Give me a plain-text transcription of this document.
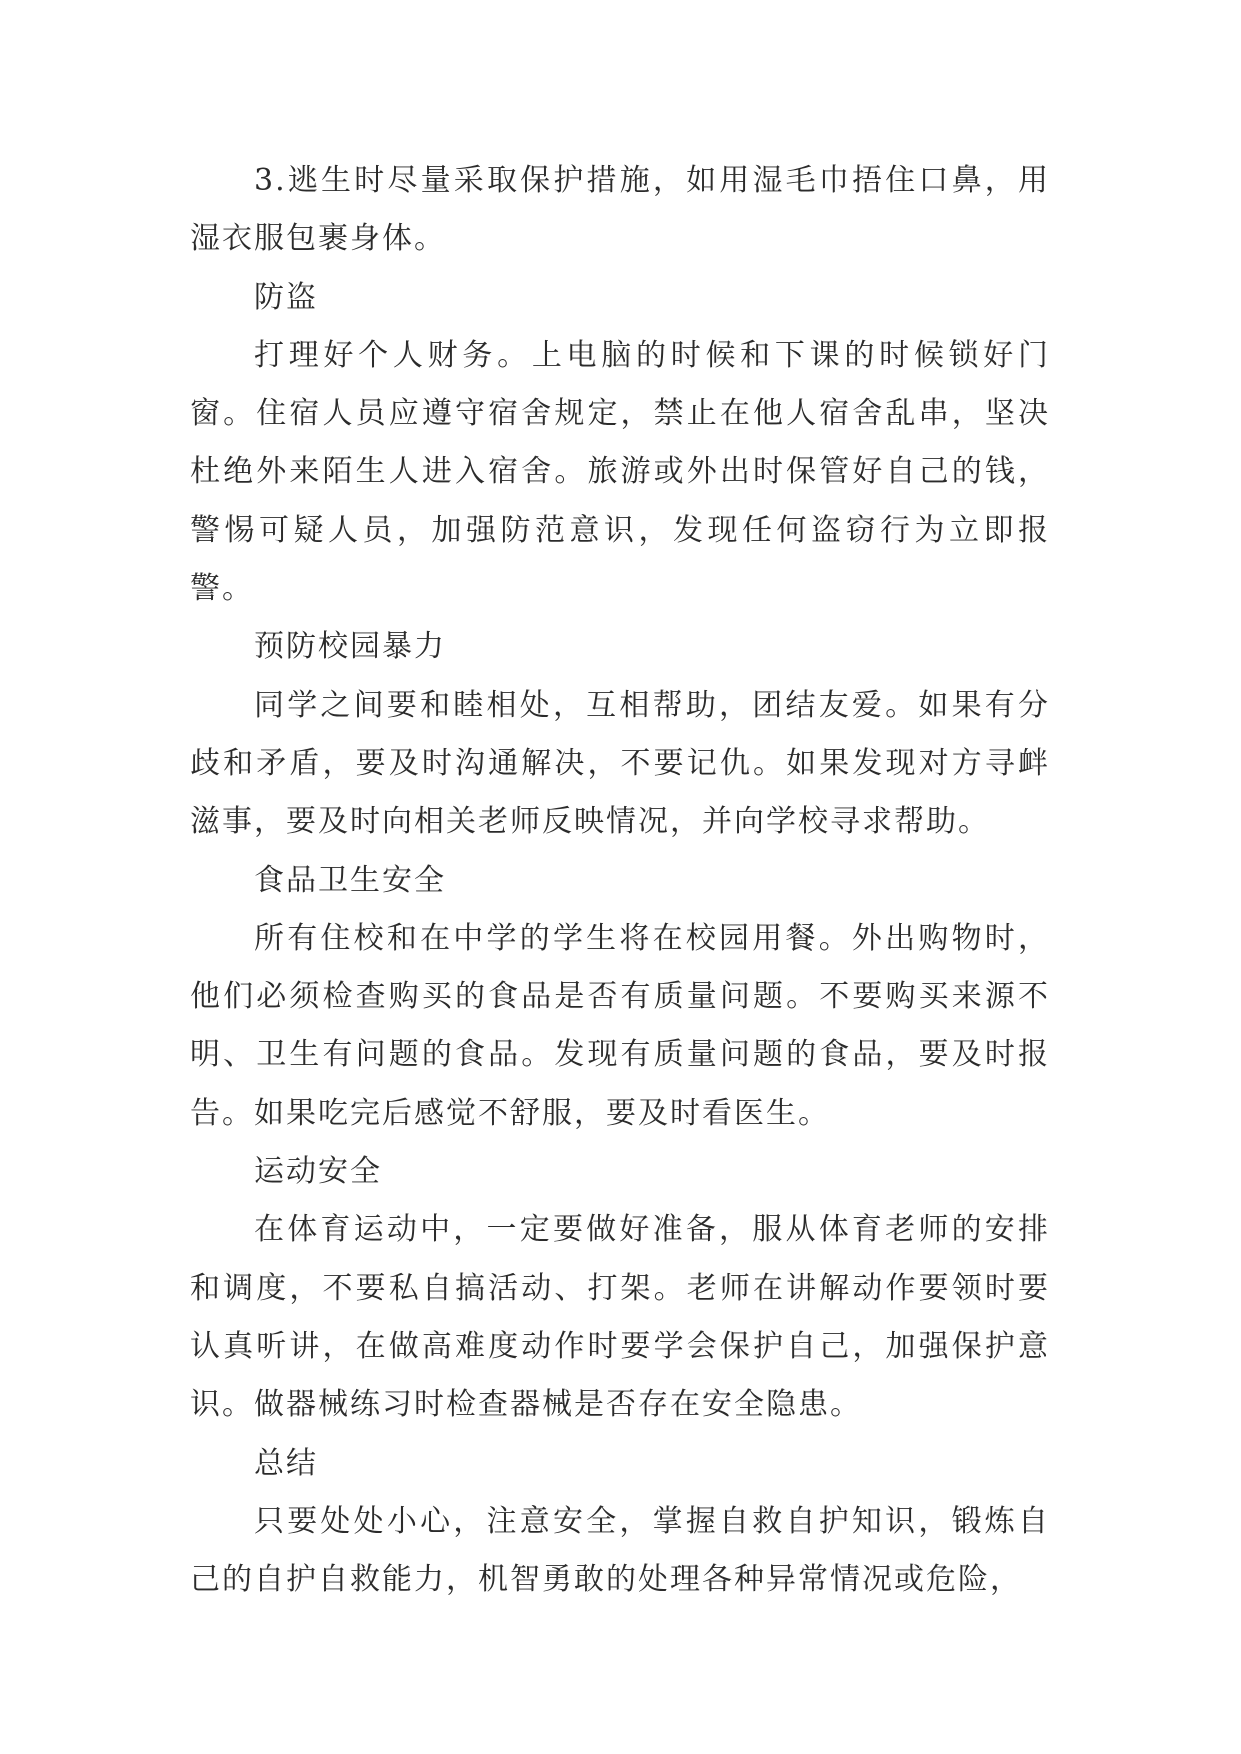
3.逃生时尽量采取保护措施，如用湿毛巾捂住口鼻，用湿衣服包裹身体。

防盗

打理好个人财务。上电脑的时候和下课的时候锁好门窗。住宿人员应遵守宿舍规定，禁止在他人宿舍乱串，坚决杜绝外来陌生人进入宿舍。旅游或外出时保管好自己的钱，警惕可疑人员，加强防范意识，发现任何盗窃行为立即报警。

预防校园暴力

同学之间要和睦相处，互相帮助，团结友爱。如果有分歧和矛盾，要及时沟通解决，不要记仇。如果发现对方寻衅滋事，要及时向相关老师反映情况，并向学校寻求帮助。

食品卫生安全

所有住校和在中学的学生将在校园用餐。外出购物时，他们必须检查购买的食品是否有质量问题。不要购买来源不明、卫生有问题的食品。发现有质量问题的食品，要及时报告。如果吃完后感觉不舒服，要及时看医生。

运动安全

在体育运动中，一定要做好准备，服从体育老师的安排和调度，不要私自搞活动、打架。老师在讲解动作要领时要认真听讲，在做高难度动作时要学会保护自己，加强保护意识。做器械练习时检查器械是否存在安全隐患。

总结

只要处处小心，注意安全，掌握自救自护知识，锻炼自己的自护自救能力，机智勇敢的处理各种异常情况或危险，
